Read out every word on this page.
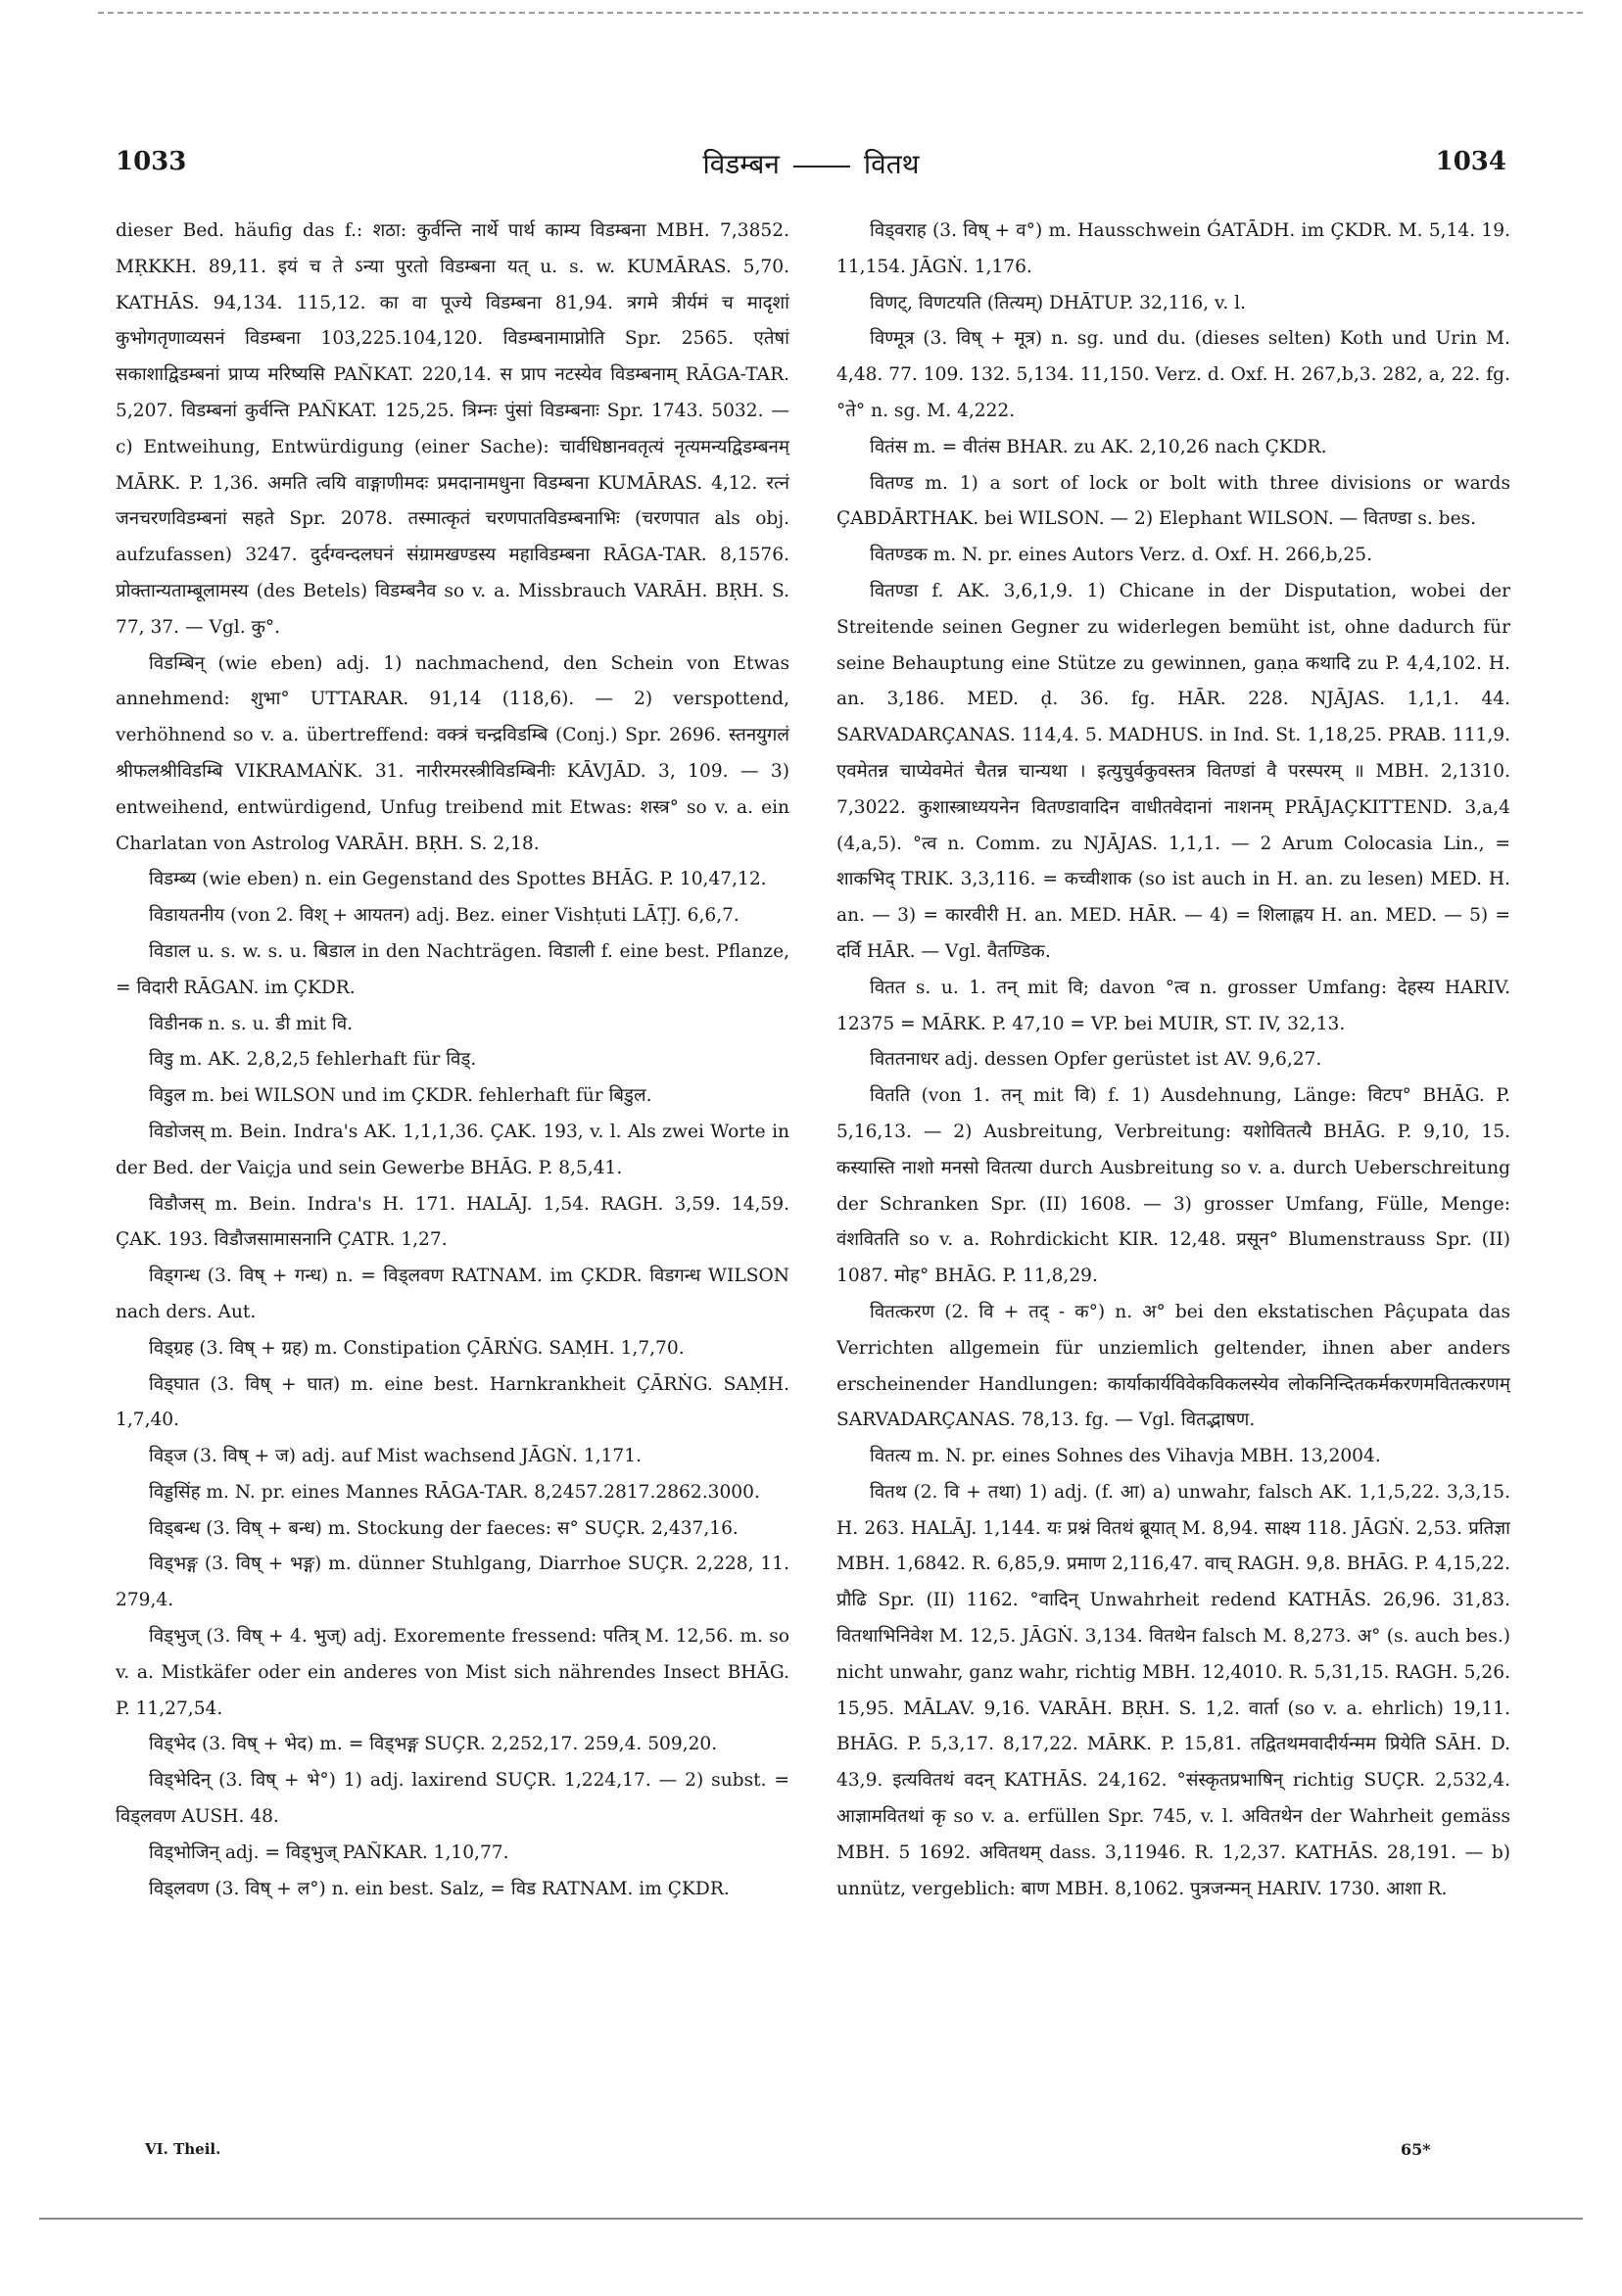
1033	विडम्बन	वितथ	1034

dieser Bed. häufig das f.: शठा: कुर्वन्ति नार्थे पार्थ काम्य विडम्बना MBH. 7,3852. MṚKKH. 89,11. इयं च ते ऽन्या पुरतो विडम्बना यत् u. s. w. KUMĀRAS. 5,70. KATHĀS. 94,134. 115,12. का वा पूज्ये विडम्बना 81,94. त्रगमे त्रीर्यमं च मादृशां कुभोगतृणाव्यसनं विडम्बना 103,225.104,120. विडम्बनामाप्नोति Spr. 2565. एतेषां सकाशाद्विडम्बनां प्राप्य मरिष्यसि PAÑKAT. 220,14. स प्राप नटस्येव विडम्बनाम् RĀGA-TAR. 5,207. विडम्बनां कुर्वन्ति PAÑKAT. 125,25. त्रिम्नः पुंसां विडम्बनाः Spr. 1743. 5032. — c) Entweihung, Entwürdigung (einer Sache): चार्वधिष्ठानवतृत्यं नृत्यमन्यद्विडम्बनम् MĀRK. P. 1,36. अमति त्वयि वाङ्गाणीमदः प्रमदानामधुना विडम्बना KUMĀRAS. 4,12. रत्नं जनचरणविडम्बनां सहते Spr. 2078. तस्मात्कृतं चरणपातविडम्बनाभिः (चरणपात als obj. aufzufassen) 3247. दुर्दग्वन्दलघनं संग्रामखण्डस्य महाविडम्बना RĀGA-TAR. 8,1576. प्रोक्तान्यताम्बूलामस्य (des Betels) विडम्बनैव so v. a. Missbrauch VARĀH. BṚH. S. 77, 37. — Vgl. कु°.

विडम्बिन् (wie eben) adj. 1) nachmachend, den Schein von Etwas annehmend: शुभा° UTTARAR. 91,14 (118,6). — 2) verspottend, verhöhnend so v. a. übertreffend: वक्त्रं चन्द्रविडम्बि (Conj.) Spr. 2696. स्तनयुगलं श्रीफलश्रीविडम्बि VIKRAMAṄK. 31. नारीरमरस्त्रीविडम्बिनीः KĀVJĀD. 3, 109. — 3) entweihend, entwürdigend, Unfug treibend mit Etwas: शस्त्र° so v. a. ein Charlatan von Astrolog VARĀH. BṚH. S. 2,18.

विडम्ब्य (wie eben) n. ein Gegenstand des Spottes BHĀG. P. 10,47,12.

विडायतनीय (von 2. विश् + आयतन) adj. Bez. einer Vishṭuti LĀṬJ. 6,6,7.

विडाल u. s. w. s. u. बिडाल in den Nachträgen. विडाली f. eine best. Pflanze, = विदारी RĀGAN. im ÇKDR.

विडीनक n. s. u. डी mit वि.

विडु m. AK. 2,8,2,5 fehlerhaft für विड्.

विडुल m. bei WILSON und im ÇKDR. fehlerhaft für बिडुल.

विडोजस् m. Bein. Indra's AK. 1,1,1,36. ÇAK. 193, v. l. Als zwei Worte in der Bed. der Vaiçja und sein Gewerbe BHĀG. P. 8,5,41.

विडौजस् m. Bein. Indra's H. 171. HALĀJ. 1,54. RAGH. 3,59. 14,59. ÇAK. 193. विडौजसामासनानि ÇATR. 1,27.

विड्गन्ध (3. विष् + गन्ध) n. = विड्लवण RATNAM. im ÇKDR. विडगन्ध WILSON nach ders. Aut.

विड्ग्रह (3. विष् + ग्रह) m. Constipation ÇĀRṄG. SAṂH. 1,7,70.

विड्घात (3. विष् + घात) m. eine best. Harnkrankheit ÇĀRṄG. SAṂH. 1,7,40.

विड्ज (3. विष् + ज) adj. auf Mist wachsend JĀGṄ. 1,171.

विड्डसिंह m. N. pr. eines Mannes RĀGA-TAR. 8,2457.2817.2862.3000.

विड्बन्ध (3. विष् + बन्ध) m. Stockung der faeces: स° SUÇR. 2,437,16.

विड्भङ्ग (3. विष् + भङ्ग) m. dünner Stuhlgang, Diarrhoe SUÇR. 2,228, 11. 279,4.

विड्भुज् (3. विष् + 4. भुज्) adj. Exoremente fressend: पतित्र् M. 12,56. m. so v. a. Mistkäfer oder ein anderes von Mist sich nährendes Insect BHĀG. P. 11,27,54.

विड्भेद (3. विष् + भेद) m. = विड्भङ्ग SUÇR. 2,252,17. 259,4. 509,20.

विड्भेदिन् (3. विष् + भे°) 1) adj. laxirend SUÇR. 1,224,17. — 2) subst. = विड्लवण AUSH. 48.

विड्भोजिन् adj. = विड्भुज् PAÑKAR. 1,10,77.

विड्लवण (3. विष् + ल°) n. ein best. Salz, = विड RATNAM. im ÇKDR.

विड्वराह (3. विष् + व°) m. Hausschwein ǴATĀDH. im ÇKDR. M. 5,14. 19. 11,154. JĀGṄ. 1,176.

विणट्, विणटयति (तित्यम्) DHĀTUP. 32,116, v. l.

विण्मूत्र (3. विष् + मूत्र) n. sg. und du. (dieses selten) Koth und Urin M. 4,48. 77. 109. 132. 5,134. 11,150. Verz. d. Oxf. H. 267,b,3. 282, a, 22. fg. °ते° n. sg. M. 4,222.

वितंस m. = वीतंस BHAR. zu AK. 2,10,26 nach ÇKDR.

वितण्ड m. 1) a sort of lock or bolt with three divisions or wards ÇABDĀRTHAK. bei WILSON. — 2) Elephant WILSON. — वितण्डा s. bes.

वितण्डक m. N. pr. eines Autors Verz. d. Oxf. H. 266,b,25.

वितण्डा f. AK. 3,6,1,9. 1) Chicane in der Disputation, wobei der Streitende seinen Gegner zu widerlegen bemüht ist, ohne dadurch für seine Behauptung eine Stütze zu gewinnen, gaṇa कथादि zu P. 4,4,102. H. an. 3,186. MED. ḍ. 36. fg. HĀR. 228. NJĀJAS. 1,1,1. 44. SARVADARÇANAS. 114,4. 5. MADHUS. in Ind. St. 1,18,25. PRAB. 111,9. एवमेतन्न चाप्येवमेतं चैतन्न चान्यथा । इत्युचुर्वकुवस्तत्र वितण्डां वै परस्परम् ॥ MBH. 2,1310. 7,3022. कुशास्त्राध्ययनेन वितण्डावादिन वाधीतवेदानां नाशनम् PRĀJAÇKITTEND. 3,a,4 (4,a,5). °त्व n. Comm. zu NJĀJAS. 1,1,1. — 2 Arum Colocasia Lin., = शाकभिद् TRIK. 3,3,116. = कच्वीशाक (so ist auch in H. an. zu lesen) MED. H. an. — 3) = कारवीरी H. an. MED. HĀR. — 4) = शिलाह्लय H. an. MED. — 5) = दर्वि HĀR. — Vgl. वैतण्डिक.

वितत s. u. 1. तन् mit वि; davon °त्व n. grosser Umfang: देहस्य HARIV. 12375 = MĀRK. P. 47,10 = VP. bei MUIR, ST. IV, 32,13.

विततनाधर adj. dessen Opfer gerüstet ist AV. 9,6,27.

वितति (von 1. तन् mit वि) f. 1) Ausdehnung, Länge: विटप° BHĀG. P. 5,16,13. — 2) Ausbreitung, Verbreitung: यशोवितत्यै BHĀG. P. 9,10, 15. कस्यास्ति नाशो मनसो वितत्या durch Ausbreitung so v. a. durch Ueberschreitung der Schranken Spr. (II) 1608. — 3) grosser Umfang, Fülle, Menge: वंशवितति so v. a. Rohrdickicht KIR. 12,48. प्रसून° Blumenstrauss Spr. (II) 1087. मोह° BHĀG. P. 11,8,29.

वितत्करण (2. वि + तद् - क°) n. अ° bei den ekstatischen Pâçupata das Verrichten allgemein für unziemlich geltender, ihnen aber anders erscheinender Handlungen: कार्याकार्यविवेकविकलस्येव लोकनिन्दितकर्मकरणमवितत्करणम् SARVADARÇANAS. 78,13. fg. — Vgl. वितद्भाषण.

वितत्य m. N. pr. eines Sohnes des Vihavja MBH. 13,2004.

वितथ (2. वि + तथा) 1) adj. (f. आ) a) unwahr, falsch AK. 1,1,5,22. 3,3,15. H. 263. HALĀJ. 1,144. यः प्रश्नं वितथं ब्रूयात् M. 8,94. साक्ष्य 118. JĀGṄ. 2,53. प्रतिज्ञा MBH. 1,6842. R. 6,85,9. प्रमाण 2,116,47. वाच् RAGH. 9,8. BHĀG. P. 4,15,22. प्रौढि Spr. (II) 1162. °वादिन् Unwahrheit redend KATHĀS. 26,96. 31,83. वितथाभिनिवेश M. 12,5. JĀGṄ. 3,134. वितथेन falsch M. 8,273. अ° (s. auch bes.) nicht unwahr, ganz wahr, richtig MBH. 12,4010. R. 5,31,15. RAGH. 5,26. 15,95. MĀLAV. 9,16. VARĀH. BṚH. S. 1,2. वार्ता (so v. a. ehrlich) 19,11. BHĀG. P. 5,3,17. 8,17,22. MĀRK. P. 15,81. तद्वितथमवादीर्यन्मम प्रियेति SĀH. D. 43,9. इत्यवितथं वदन् KATHĀS. 24,162. °संस्कृतप्रभाषिन् richtig SUÇR. 2,532,4. आज्ञामवितथां कृ so v. a. erfüllen Spr. 745, v. l. अवितथेन der Wahrheit gemäss MBH. 5 1692. अवितथम् dass. 3,11946. R. 1,2,37. KATHĀS. 28,191. — b) unnütz, vergeblich: बाण MBH. 8,1062. पुत्रजन्मन् HARIV. 1730. आशा R.

VI. Theil.	65*
